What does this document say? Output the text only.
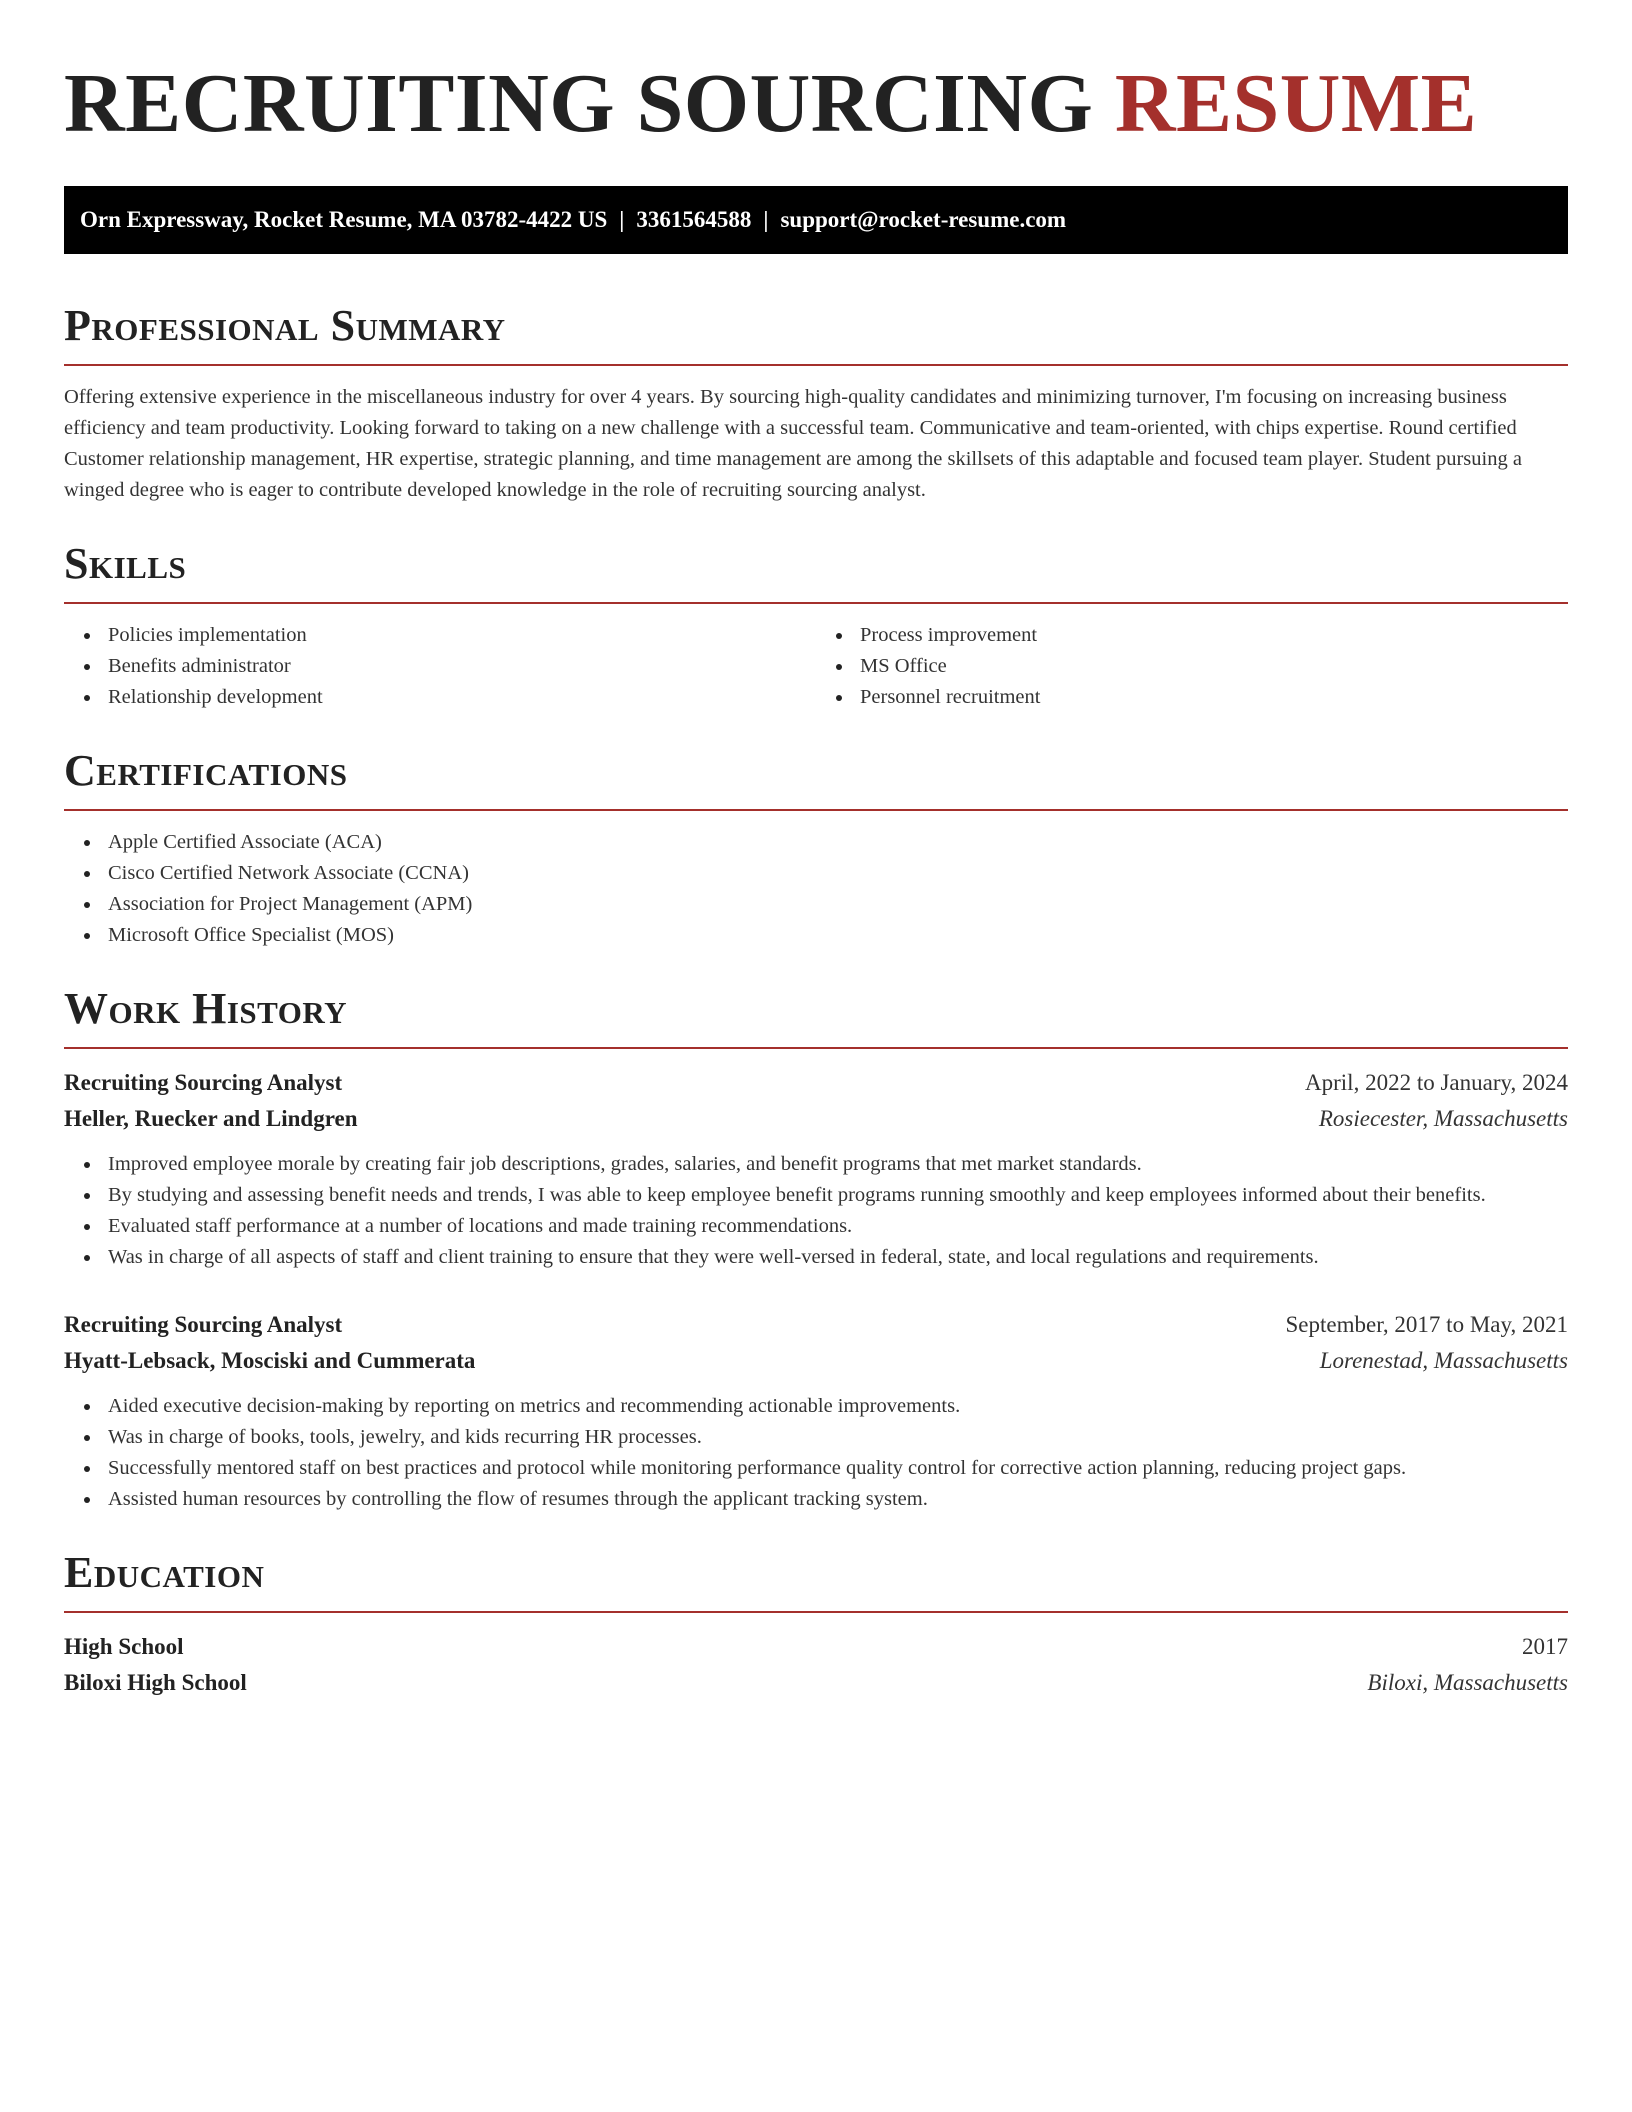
RECRUITING SOURCING RESUME
Orn Expressway, Rocket Resume, MA 03782-4422 US | 3361564588 | support@rocket-resume.com
Professional Summary

Offering extensive experience in the miscellaneous industry for over 4 years. By sourcing high-quality candidates and minimizing turnover, I'm focusing on increasing business efficiency and team productivity. Looking forward to taking on a new challenge with a successful team. Communicative and team-oriented, with chips expertise. Round certified Customer relationship management, HR expertise, strategic planning, and time management are among the skillsets of this adaptable and focused team player. Student pursuing a winged degree who is eager to contribute developed knowledge in the role of recruiting sourcing analyst.

Skills
Policies implementation
Benefits administrator
Relationship development
Process improvement
MS Office
Personnel recruitment
Certifications
Apple Certified Associate (ACA)
Cisco Certified Network Associate (CCNA)
Association for Project Management (APM)
Microsoft Office Specialist (MOS)
Work History
Recruiting Sourcing Analyst	April, 2022 to January, 2024
Heller, Ruecker and Lindgren	Rosiecester, Massachusetts
Improved employee morale by creating fair job descriptions, grades, salaries, and benefit programs that met market standards.
By studying and assessing benefit needs and trends, I was able to keep employee benefit programs running smoothly and keep employees informed about their benefits.
Evaluated staff performance at a number of locations and made training recommendations.
Was in charge of all aspects of staff and client training to ensure that they were well-versed in federal, state, and local regulations and requirements.
Recruiting Sourcing Analyst	September, 2017 to May, 2021
Hyatt-Lebsack, Mosciski and Cummerata	Lorenestad, Massachusetts
Aided executive decision-making by reporting on metrics and recommending actionable improvements.
Was in charge of books, tools, jewelry, and kids recurring HR processes.
Successfully mentored staff on best practices and protocol while monitoring performance quality control for corrective action planning, reducing project gaps.
Assisted human resources by controlling the flow of resumes through the applicant tracking system.
Education
High School	2017
Biloxi High School	Biloxi, Massachusetts
